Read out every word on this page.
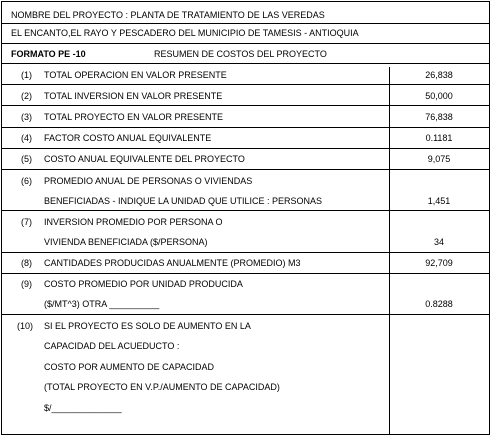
NOMBRE DEL PROYECTO : PLANTA DE TRATAMIENTO DE LAS VEREDAS
EL ENCANTO,EL RAYO Y PESCADERO DEL MUNICIPIO DE TAMESIS - ANTIOQUIA
FORMATO PE -10	RESUMEN DE COSTOS DEL PROYECTO
(1) TOTAL OPERACION EN VALOR PRESENTE	26,838
(2) TOTAL INVERSION EN VALOR PRESENTE	50,000
(3) TOTAL PROYECTO EN VALOR PRESENTE	76,838
(4) FACTOR COSTO ANUAL EQUIVALENTE	0.1181
(5) COSTO ANUAL EQUIVALENTE DEL PROYECTO	9,075
(6) PROMEDIO ANUAL DE PERSONAS O VIVIENDAS
BENEFICIADAS - INDIQUE LA UNIDAD QUE UTILICE : PERSONAS	1,451
(7) INVERSION PROMEDIO POR PERSONA O
VIVIENDA BENEFICIADA ($/PERSONA)	34
(8) CANTIDADES PRODUCIDAS ANUALMENTE (PROMEDIO) M3	92,709
(9) COSTO PROMEDIO POR UNIDAD PRODUCIDA
($/MT^3) OTRA __________	0.8288
(10) SI EL PROYECTO ES SOLO DE AUMENTO EN LA
CAPACIDAD DEL ACUEDUCTO :
COSTO POR AUMENTO DE CAPACIDAD
(TOTAL PROYECTO EN V.P./AUMENTO DE CAPACIDAD)
$/______________
